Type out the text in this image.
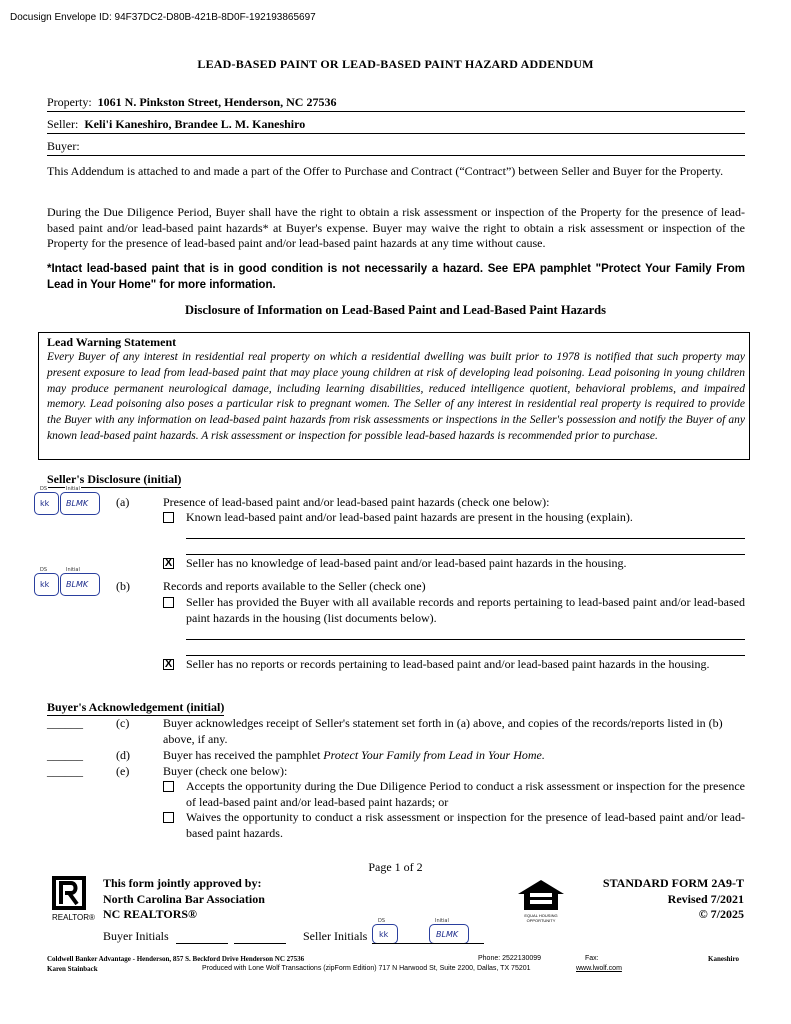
Docusign Envelope ID: 94F37DC2-D80B-421B-8D0F-192193865697
LEAD-BASED PAINT OR LEAD-BASED PAINT HAZARD ADDENDUM
Property: 1061 N. Pinkston Street, Henderson, NC 27536
Seller: Keli'i Kaneshiro, Brandee L. M. Kaneshiro
Buyer:
This Addendum is attached to and made a part of the Offer to Purchase and Contract (“Contract”) between Seller and Buyer for the Property.
During the Due Diligence Period, Buyer shall have the right to obtain a risk assessment or inspection of the Property for the presence of lead-based paint and/or lead-based paint hazards* at Buyer's expense. Buyer may waive the right to obtain a risk assessment or inspection of the Property for the presence of lead-based paint and/or lead-based paint hazards at any time without cause.
*Intact lead-based paint that is in good condition is not necessarily a hazard. See EPA pamphlet "Protect Your Family From Lead in Your Home" for more information.
Disclosure of Information on Lead-Based Paint and Lead-Based Paint Hazards
Lead Warning Statement
Every Buyer of any interest in residential real property on which a residential dwelling was built prior to 1978 is notified that such property may present exposure to lead from lead-based paint that may place young children at risk of developing lead poisoning. Lead poisoning in young children may produce permanent neurological damage, including learning disabilities, reduced intelligence quotient, behavioral problems, and impaired memory. Lead poisoning also poses a particular risk to pregnant women. The Seller of any interest in residential real property is required to provide the Buyer with any information on lead-based paint hazards from risk assessments or inspections in the Seller's possession and notify the Buyer of any known lead-based paint hazards. A risk assessment or inspection for possible lead-based hazards is recommended prior to purchase.
Seller's Disclosure (initial)
DS
kk
Initial
BLMK (a)	Presence of lead-based paint and/or lead-based paint hazards (check one below):
Known lead-based paint and/or lead-based paint hazards are present in the housing (explain).
X Seller has no knowledge of lead-based paint and/or lead-based paint hazards in the housing.
DS
kk
Initial
BLMK (b)	Records and reports available to the Seller (check one)
Seller has provided the Buyer with all available records and reports pertaining to lead-based paint and/or lead-based paint hazards in the housing (list documents below).
X Seller has no reports or records pertaining to lead-based paint and/or lead-based paint hazards in the housing.
Buyer's Acknowledgement (initial)
______	(c)	Buyer acknowledges receipt of Seller's statement set forth in (a) above, and copies of the records/reports listed in (b) above, if any.
______	(d)	Buyer has received the pamphlet Protect Your Family from Lead in Your Home.
______	(e)	Buyer (check one below):
Accepts the opportunity during the Due Diligence Period to conduct a risk assessment or inspection for the presence of lead-based paint and/or lead-based paint hazards; or
Waives the opportunity to conduct a risk assessment or inspection for the presence of lead-based paint and/or lead-based paint hazards.
Page 1 of 2
REALTOR®
This form jointly approved by:
North Carolina Bar Association
NC REALTORS®	EQUAL HOUSING OPPORTUNITY
STANDARD FORM 2A9-T
Revised 7/2021
© 7/2025
Buyer Initials	Seller Initials
DS
kk
Initial
BLMK
Coldwell Banker Advantage - Henderson, 857 S. Beckford Drive Henderson NC 27536	Phone: 2522130099	Fax:	Kaneshiro
Karen Stainback	Produced with Lone Wolf Transactions (zipForm Edition) 717 N Harwood St, Suite 2200, Dallas, TX 75201	www.lwolf.com
